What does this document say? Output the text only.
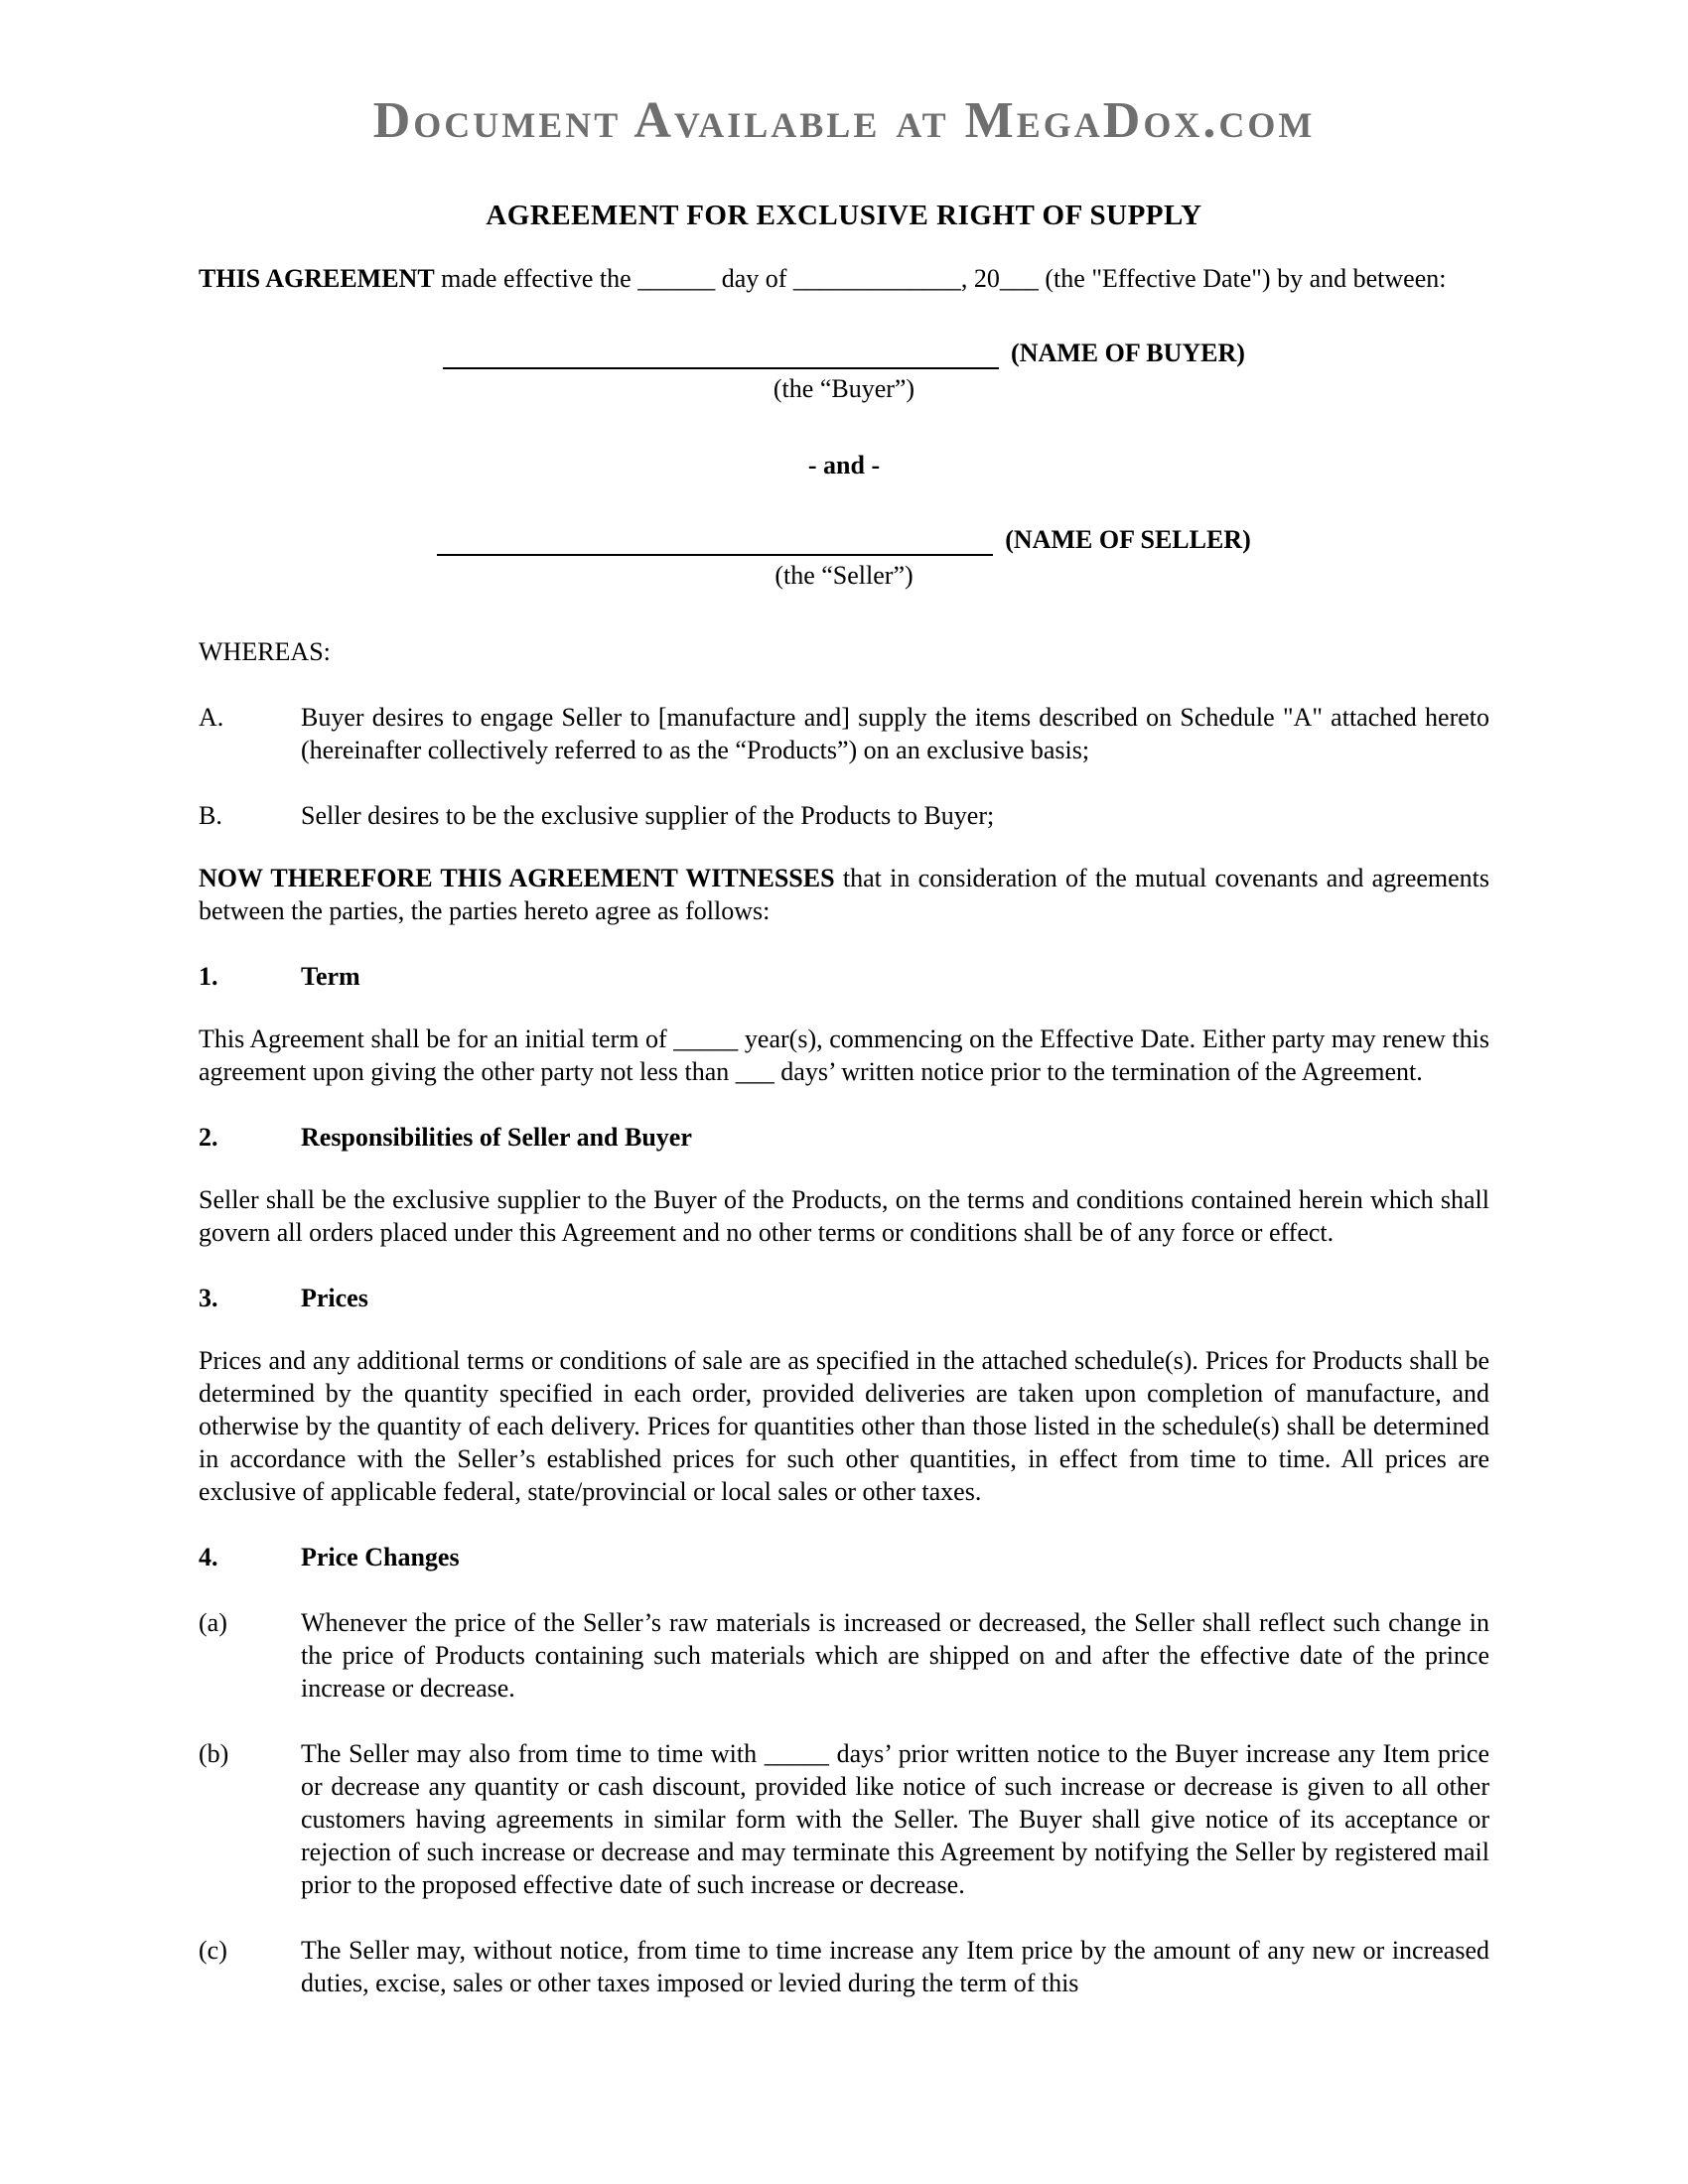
Document Available at MegaDox.com
AGREEMENT FOR EXCLUSIVE RIGHT OF SUPPLY

THIS AGREEMENT made effective the ______ day of _____________, 20___ (the "Effective Date") by and between:

(NAME OF BUYER)
(the “Buyer”)
- and -
(NAME OF SELLER)
(the “Seller”)

WHEREAS:

A.	Buyer desires to engage Seller to [manufacture and] supply the items described on Schedule "A" attached hereto (hereinafter collectively referred to as the “Products”) on an exclusive basis;
B.	Seller desires to be the exclusive supplier of the Products to Buyer;

NOW THEREFORE THIS AGREEMENT WITNESSES that in consideration of the mutual covenants and agreements between the parties, the parties hereto agree as follows:

1.	Term

This Agreement shall be for an initial term of _____ year(s), commencing on the Effective Date. Either party may renew this agreement upon giving the other party not less than ___ days’ written notice prior to the termination of the Agreement.

2.	Responsibilities of Seller and Buyer

Seller shall be the exclusive supplier to the Buyer of the Products, on the terms and conditions contained herein which shall govern all orders placed under this Agreement and no other terms or conditions shall be of any force or effect.

3.	Prices

Prices and any additional terms or conditions of sale are as specified in the attached schedule(s). Prices for Products shall be determined by the quantity specified in each order, provided deliveries are taken upon completion of manufacture, and otherwise by the quantity of each delivery. Prices for quantities other than those listed in the schedule(s) shall be determined in accordance with the Seller’s established prices for such other quantities, in effect from time to time. All prices are exclusive of applicable federal, state/provincial or local sales or other taxes.

4.	Price Changes
(a)	Whenever the price of the Seller’s raw materials is increased or decreased, the Seller shall reflect such change in the price of Products containing such materials which are shipped on and after the effective date of the prince increase or decrease.
(b)	The Seller may also from time to time with _____ days’ prior written notice to the Buyer increase any Item price or decrease any quantity or cash discount, provided like notice of such increase or decrease is given to all other customers having agreements in similar form with the Seller. The Buyer shall give notice of its acceptance or rejection of such increase or decrease and may terminate this Agreement by notifying the Seller by registered mail prior to the proposed effective date of such increase or decrease.
(c)	The Seller may, without notice, from time to time increase any Item price by the amount of any new or increased duties, excise, sales or other taxes imposed or levied during the term of this
